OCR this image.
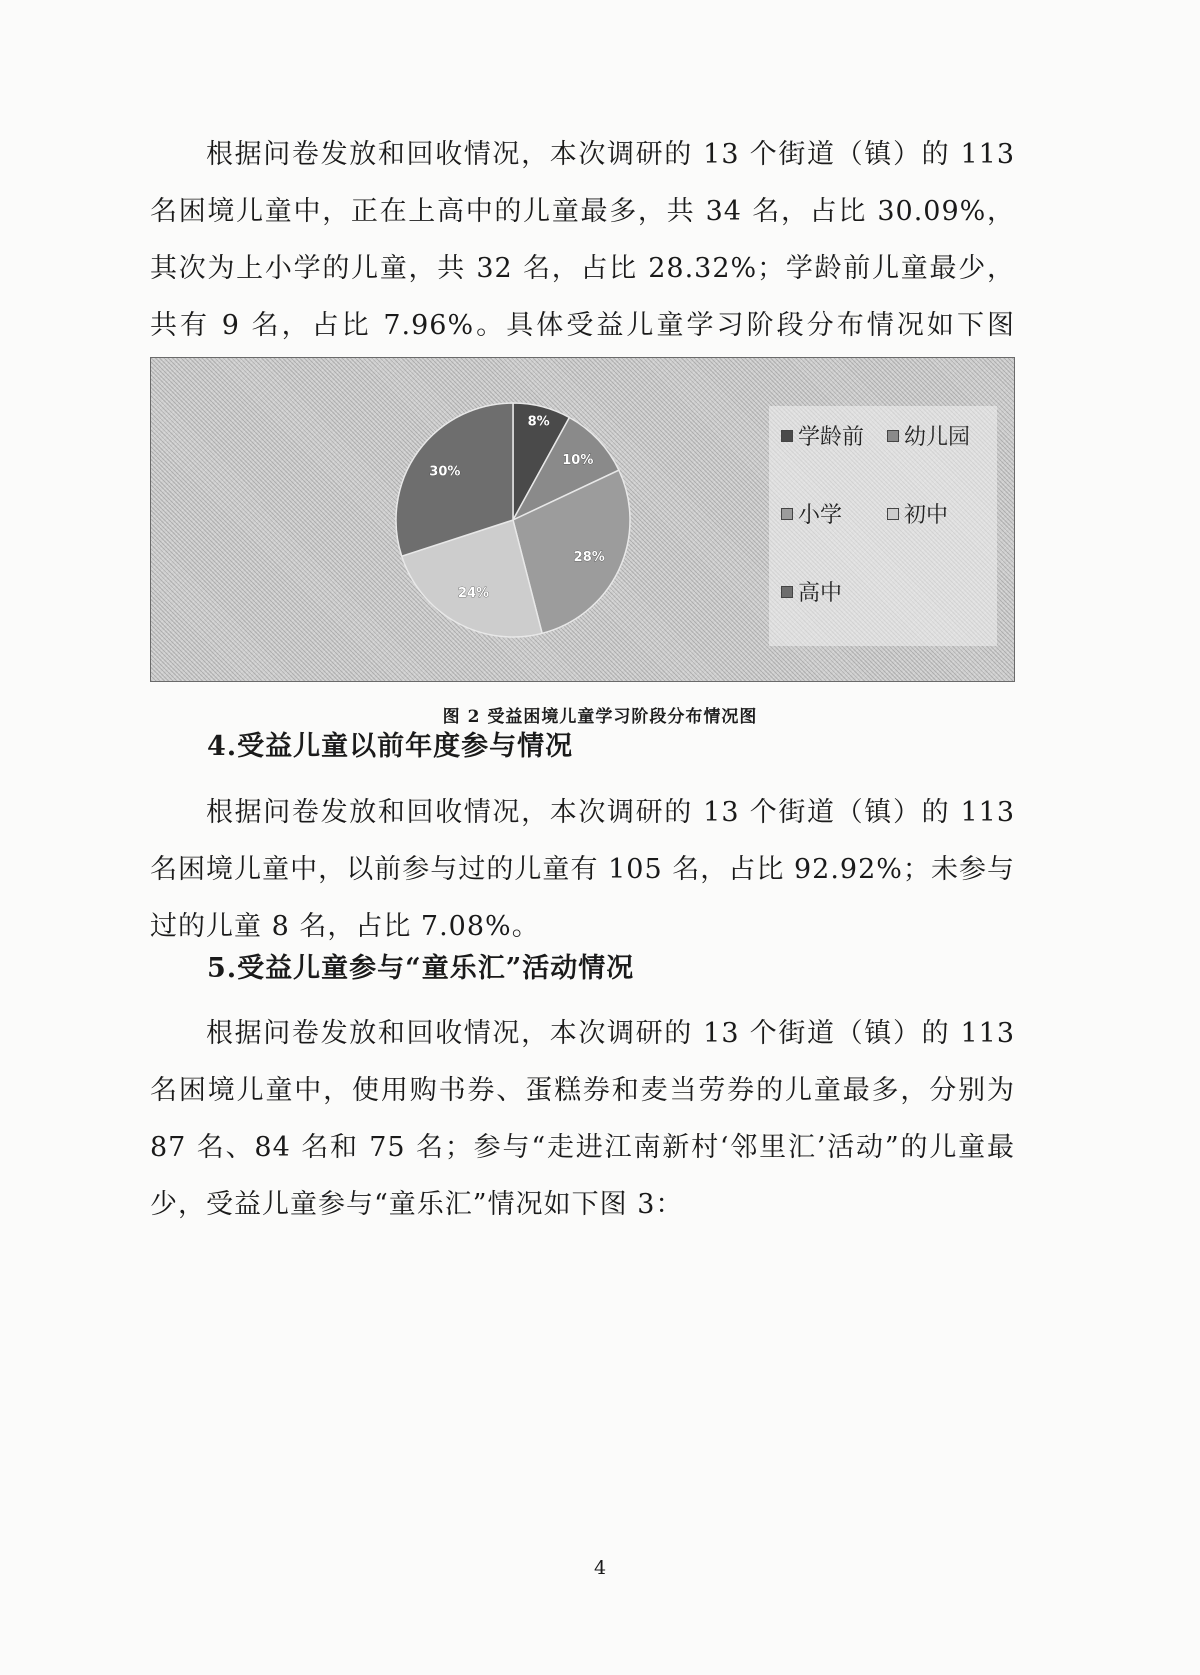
根据问卷发放和回收情况，本次调研的 13 个街道（镇）的 113 名困境儿童中，正在上高中的儿童最多，共 34 名，占比 30.09%，其次为上小学的儿童，共 32 名，占比 28.32%；学龄前儿童最少，共有 9 名，占比 7.96%。具体受益儿童学习阶段分布情况如下图

8%
10%
28%
24%
30%
学龄前 幼儿园
小学	初中
高中

图 2 受益困境儿童学习阶段分布情况图

4.受益儿童以前年度参与情况

根据问卷发放和回收情况，本次调研的 13 个街道（镇）的 113 名困境儿童中，以前参与过的儿童有 105 名，占比 92.92%；未参与过的儿童 8 名，占比 7.08%。

5.受益儿童参与“童乐汇”活动情况

根据问卷发放和回收情况，本次调研的 13 个街道（镇）的 113 名困境儿童中，使用购书券、蛋糕券和麦当劳券的儿童最多，分别为 87 名、84 名和 75 名；参与“走进江南新村‘邻里汇’活动”的儿童最少，受益儿童参与“童乐汇”情况如下图 3：

4
